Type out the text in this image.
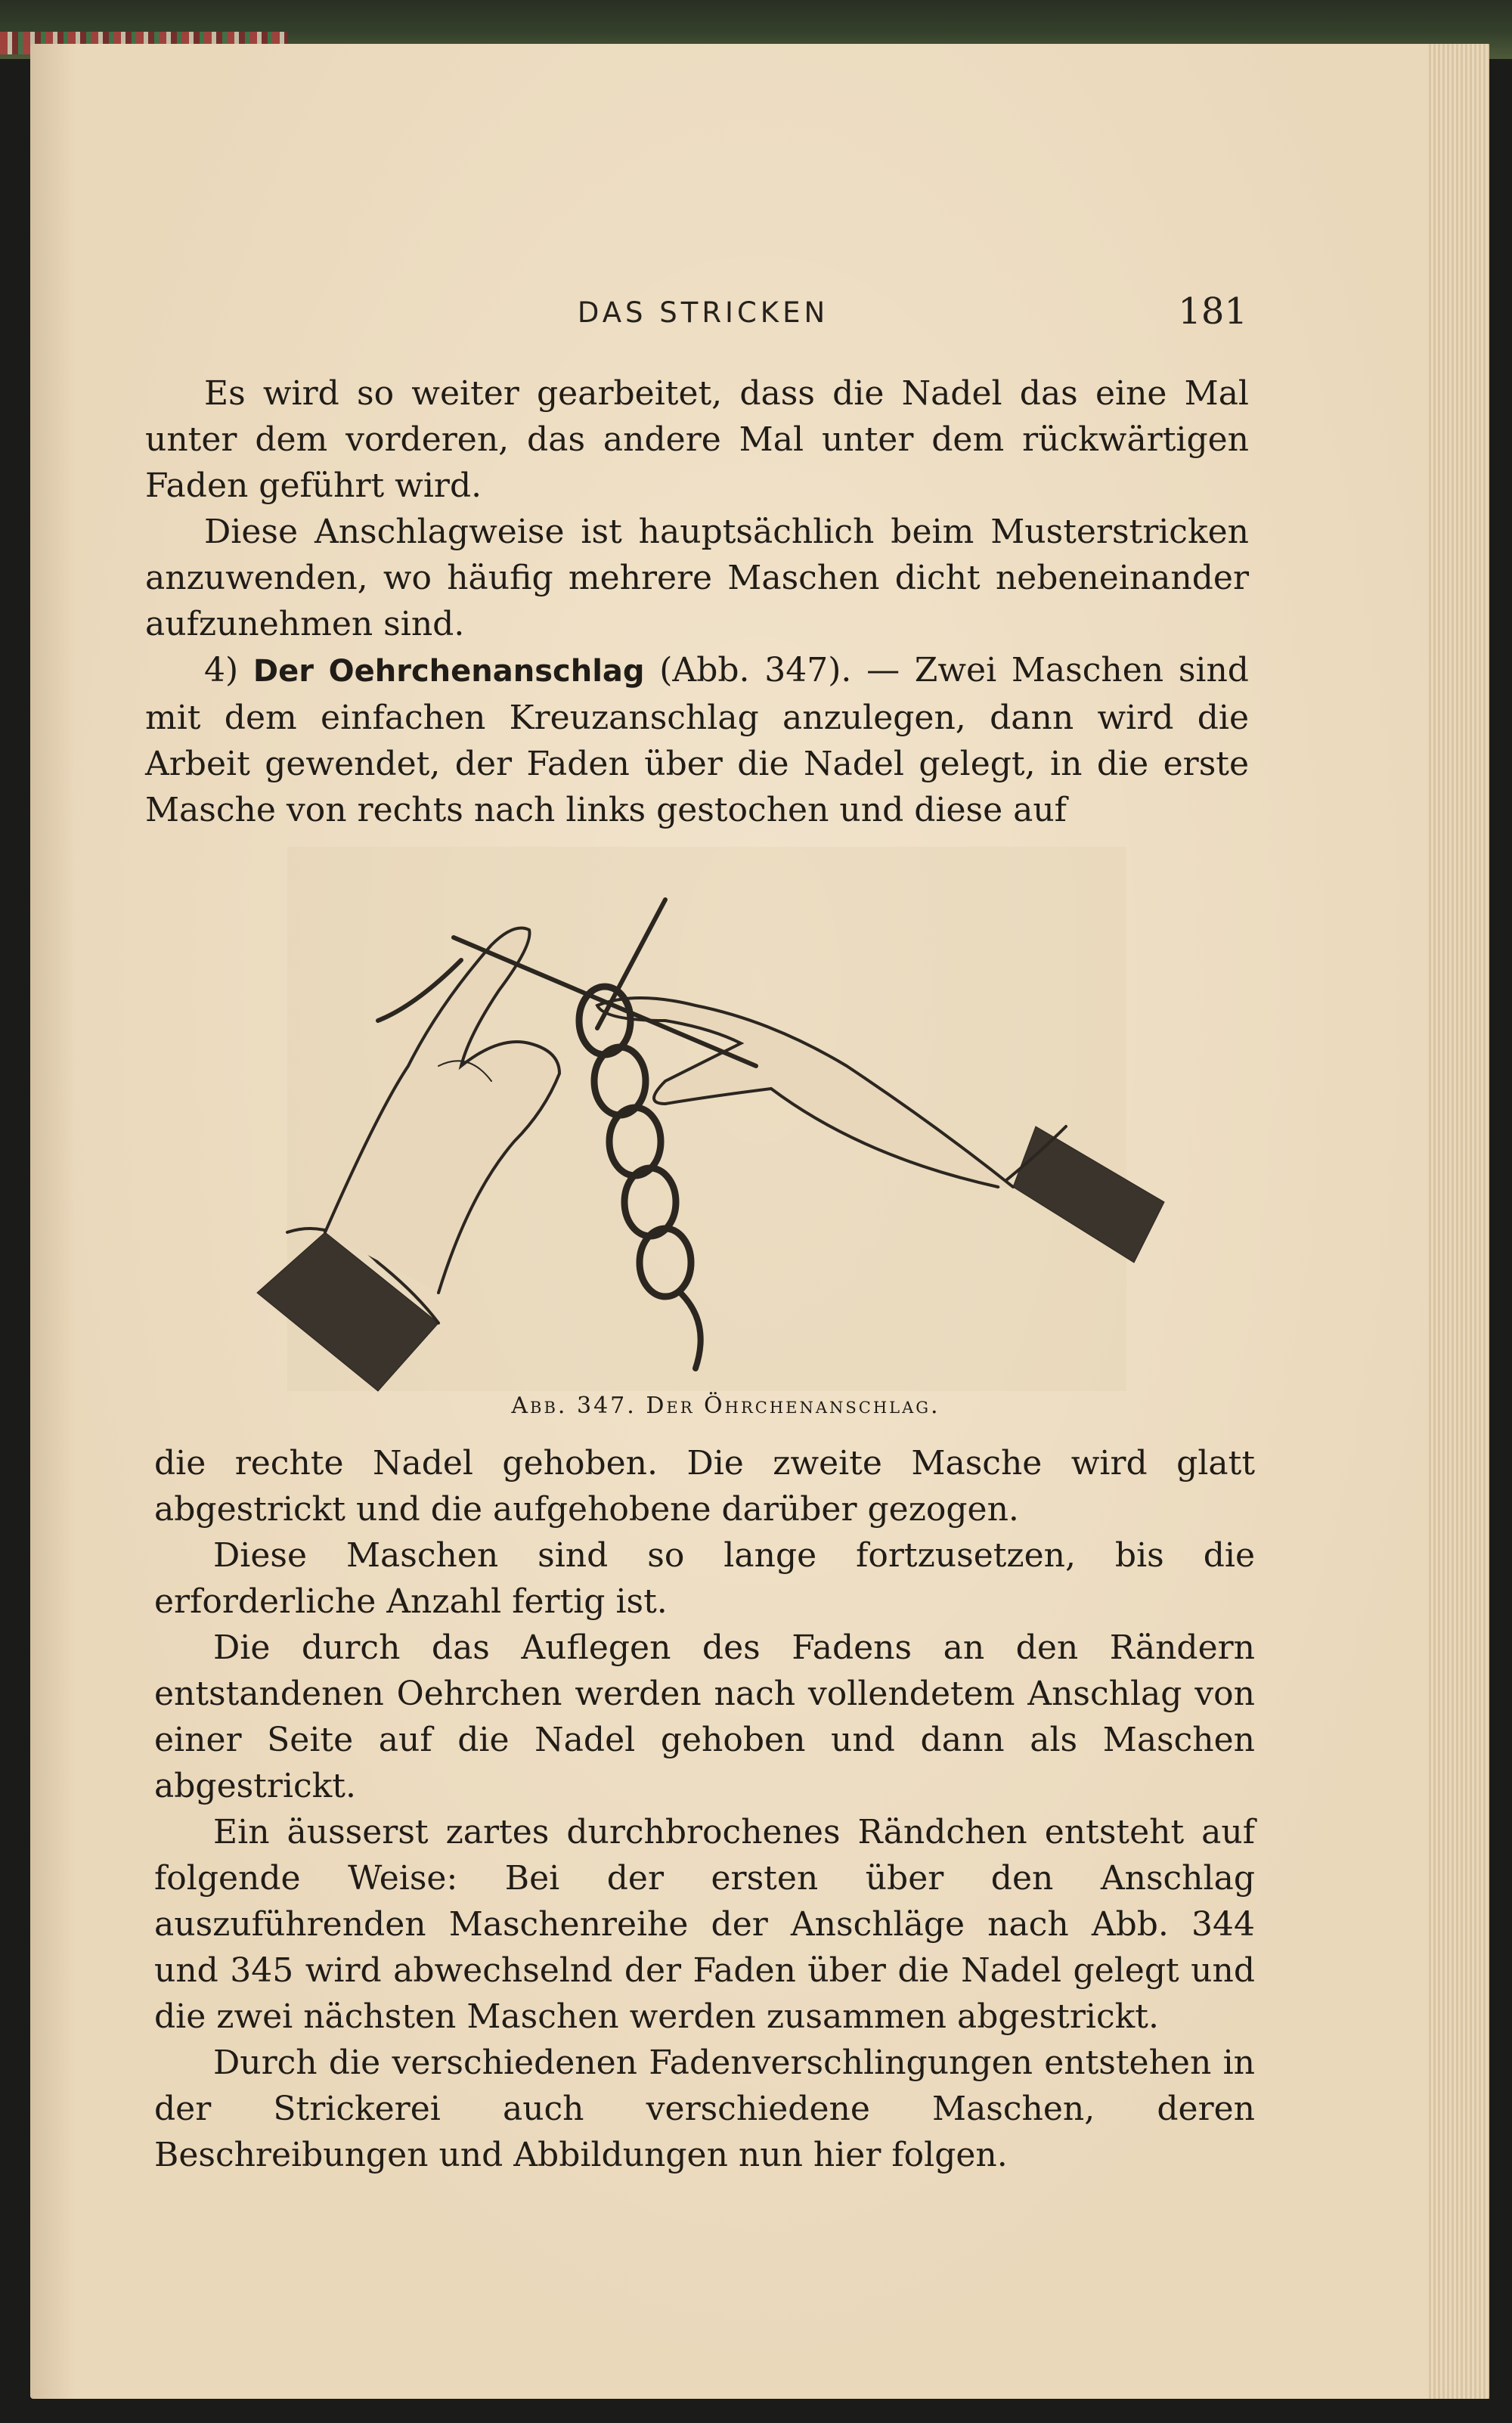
DAS STRICKEN	181

Es wird so weiter gearbeitet, dass die Nadel das eine Mal unter dem vorderen, das andere Mal unter dem rückwärtigen Faden geführt wird.

Diese Anschlagweise ist hauptsächlich beim Musterstricken anzuwenden, wo häufig mehrere Maschen dicht nebeneinander aufzunehmen sind.

4) Der Oehrchenanschlag (Abb. 347). — Zwei Maschen sind mit dem einfachen Kreuzanschlag anzulegen, dann wird die Arbeit gewendet, der Faden über die Nadel gelegt, in die erste Masche von rechts nach links gestochen und diese auf

Abb. 347. Der Öhrchenanschlag.

die rechte Nadel gehoben. Die zweite Masche wird glatt abgestrickt und die aufgehobene darüber gezogen.

Diese Maschen sind so lange fortzusetzen, bis die erforderliche Anzahl fertig ist.

Die durch das Auflegen des Fadens an den Rändern entstandenen Oehrchen werden nach vollendetem Anschlag von einer Seite auf die Nadel gehoben und dann als Maschen abgestrickt.

Ein äusserst zartes durchbrochenes Rändchen entsteht auf folgende Weise: Bei der ersten über den Anschlag auszuführenden Maschenreihe der Anschläge nach Abb. 344 und 345 wird abwechselnd der Faden über die Nadel gelegt und die zwei nächsten Maschen werden zusammen abgestrickt.

Durch die verschiedenen Fadenverschlingungen entstehen in der Strickerei auch verschiedene Maschen, deren Beschreibungen und Abbildungen nun hier folgen.
